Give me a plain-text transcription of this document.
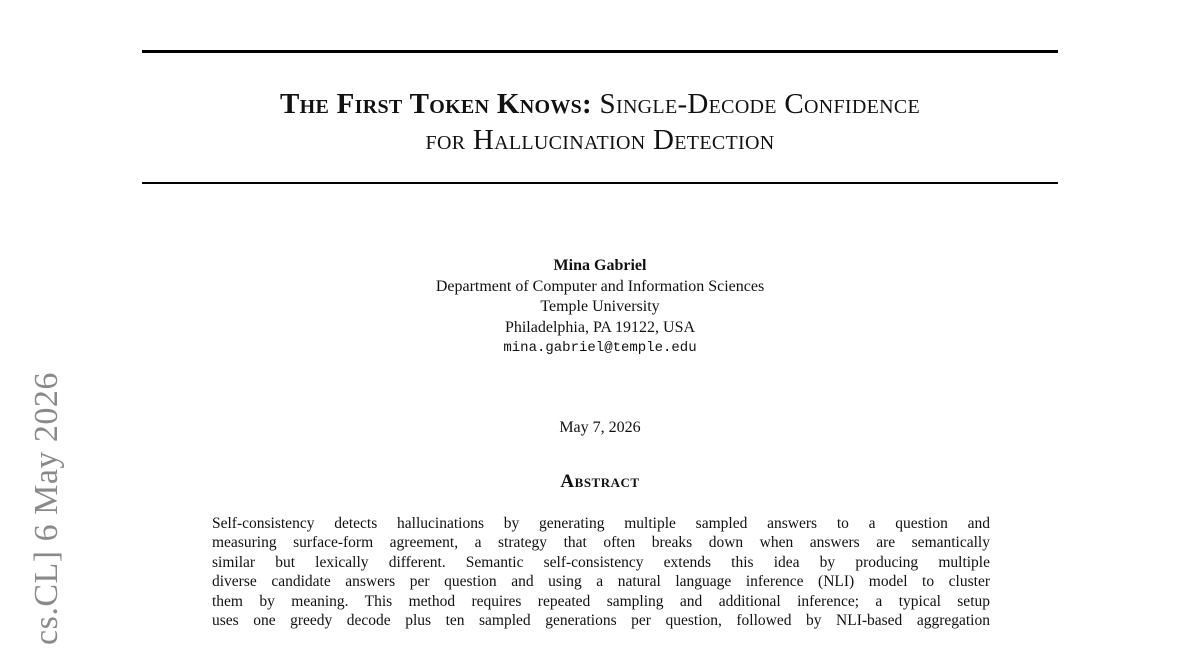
cs.CL] 6 May 2026
The First Token Knows: Single-Decode Confidence
for Hallucination Detection
Mina Gabriel
Department of Computer and Information Sciences
Temple University
Philadelphia, PA 19122, USA
mina.gabriel@temple.edu
May 7, 2026
Abstract
Self-consistency detects hallucinations by generating multiple sampled answers to a question and
measuring surface-form agreement, a strategy that often breaks down when answers are semantically
similar but lexically different. Semantic self-consistency extends this idea by producing multiple
diverse candidate answers per question and using a natural language inference (NLI) model to cluster
them by meaning. This method requires repeated sampling and additional inference; a typical setup
uses one greedy decode plus ten sampled generations per question, followed by NLI-based aggregation
